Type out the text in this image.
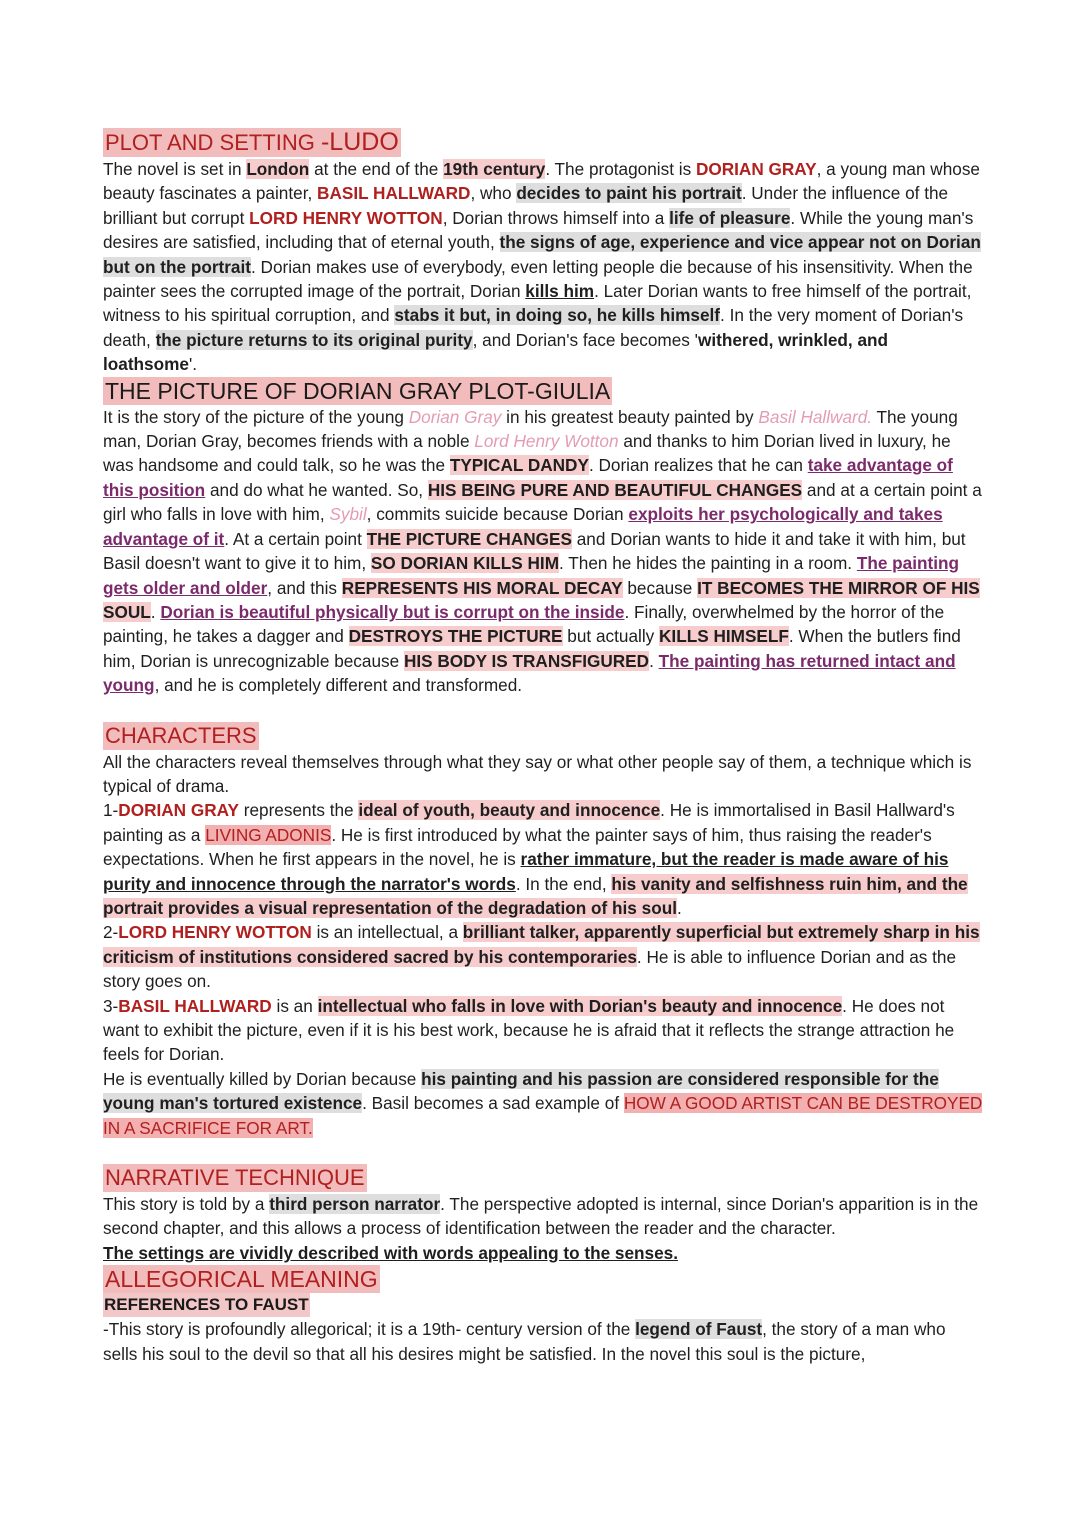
PLOT AND SETTING -LUDO

The novel is set in London at the end of the 19th century. The protagonist is DORIAN GRAY, a young man whose beauty fascinates a painter, BASIL HALLWARD, who decides to paint his portrait. Under the influence of the brilliant but corrupt LORD HENRY WOTTON, Dorian throws himself into a life of pleasure. While the young man's desires are satisfied, including that of eternal youth, the signs of age, experience and vice appear not on Dorian but on the portrait. Dorian makes use of everybody, even letting people die because of his insensitivity. When the painter sees the corrupted image of the portrait, Dorian kills him. Later Dorian wants to free himself of the portrait, witness to his spiritual corruption, and stabs it but, in doing so, he kills himself. In the very moment of Dorian's death, the picture returns to its original purity, and Dorian's face becomes 'withered, wrinkled, and loathsome'.

THE PICTURE OF DORIAN GRAY PLOT-GIULIA

It is the story of the picture of the young Dorian Gray in his greatest beauty painted by Basil Hallward. The young man, Dorian Gray, becomes friends with a noble Lord Henry Wotton and thanks to him Dorian lived in luxury, he was handsome and could talk, so he was the TYPICAL DANDY. Dorian realizes that he can take advantage of this position and do what he wanted. So, HIS BEING PURE AND BEAUTIFUL CHANGES and at a certain point a girl who falls in love with him, Sybil, commits suicide because Dorian exploits her psychologically and takes advantage of it. At a certain point THE PICTURE CHANGES and Dorian wants to hide it and take it with him, but Basil doesn't want to give it to him, SO DORIAN KILLS HIM. Then he hides the painting in a room. The painting gets older and older, and this REPRESENTS HIS MORAL DECAY because IT BECOMES THE MIRROR OF HIS SOUL. Dorian is beautiful physically but is corrupt on the inside. Finally, overwhelmed by the horror of the painting, he takes a dagger and DESTROYS THE PICTURE but actually KILLS HIMSELF. When the butlers find him, Dorian is unrecognizable because HIS BODY IS TRANSFIGURED. The painting has returned intact and young, and he is completely different and transformed.

CHARACTERS

All the characters reveal themselves through what they say or what other people say of them, a technique which is typical of drama.

1-DORIAN GRAY represents the ideal of youth, beauty and innocence. He is immortalised in Basil Hallward's painting as a LIVING ADONIS. He is first introduced by what the painter says of him, thus raising the reader's expectations. When he first appears in the novel, he is rather immature, but the reader is made aware of his purity and innocence through the narrator's words. In the end, his vanity and selfishness ruin him, and the portrait provides a visual representation of the degradation of his soul.

2-LORD HENRY WOTTON is an intellectual, a brilliant talker, apparently superficial but extremely sharp in his criticism of institutions considered sacred by his contemporaries. He is able to influence Dorian and as the story goes on.

3-BASIL HALLWARD is an intellectual who falls in love with Dorian's beauty and innocence. He does not want to exhibit the picture, even if it is his best work, because he is afraid that it reflects the strange attraction he feels for Dorian.

He is eventually killed by Dorian because his painting and his passion are considered responsible for the young man's tortured existence. Basil becomes a sad example of HOW A GOOD ARTIST CAN BE DESTROYED IN A SACRIFICE FOR ART.

NARRATIVE TECHNIQUE

This story is told by a third person narrator. The perspective adopted is internal, since Dorian's apparition is in the second chapter, and this allows a process of identification between the reader and the character.

The settings are vividly described with words appealing to the senses.

ALLEGORICAL MEANING
REFERENCES TO FAUST

-This story is profoundly allegorical; it is a 19th- century version of the legend of Faust, the story of a man who sells his soul to the devil so that all his desires might be satisfied. In the novel this soul is the picture,
